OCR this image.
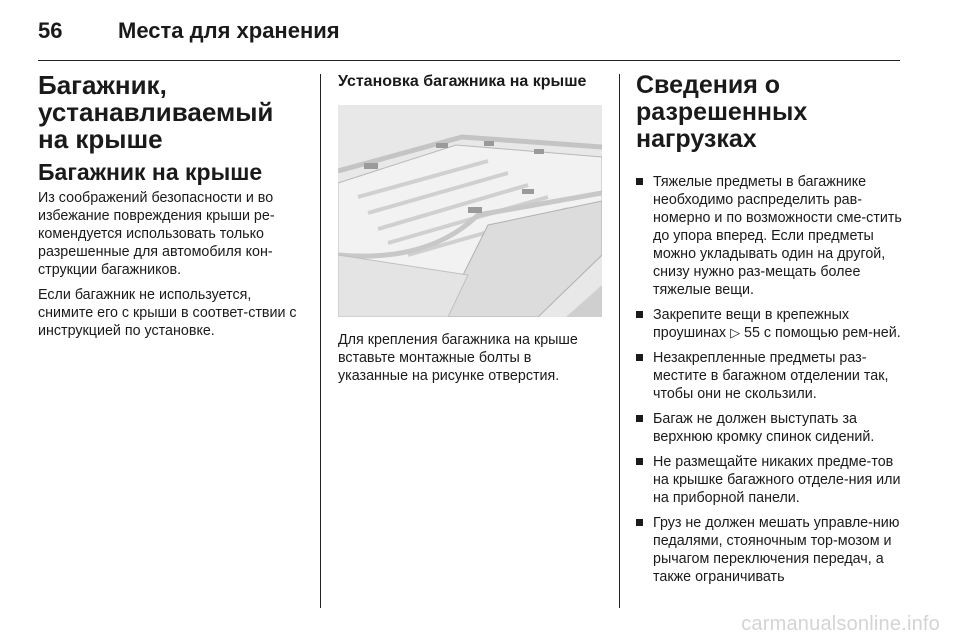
56	Места для хранения
Багажник, устанавливаемый на крыше
Багажник на крыше

Из соображений безопасности и во избежание повреждения крыши ре-комендуется использовать только разрешенные для автомобиля кон-струкции багажников.

Если багажник не используется, снимите его с крыши в соответ-ствии с инструкцией по установке.

Установка багажника на крыше

Для крепления багажника на крыше вставьте монтажные болты в указанные на рисунке отверстия.

Сведения о разрешенных нагрузках
Тяжелые предметы в багажнике необходимо распределить рав-номерно и по возможности сме-стить до упора вперед. Если предметы можно укладывать один на другой, снизу нужно раз-мещать более тяжелые вещи.
Закрепите вещи в крепежных проушинах ▷ 55 с помощью рем-ней.
Незакрепленные предметы раз-местите в багажном отделении так, чтобы они не скользили.
Багаж не должен выступать за верхнюю кромку спинок сидений.
Не размещайте никаких предме-тов на крышке багажного отделе-ния или на приборной панели.
Груз не должен мешать управле-нию педалями, стояночным тор-мозом и рычагом переключения передач, а также ограничивать
carmanualsonline.info
